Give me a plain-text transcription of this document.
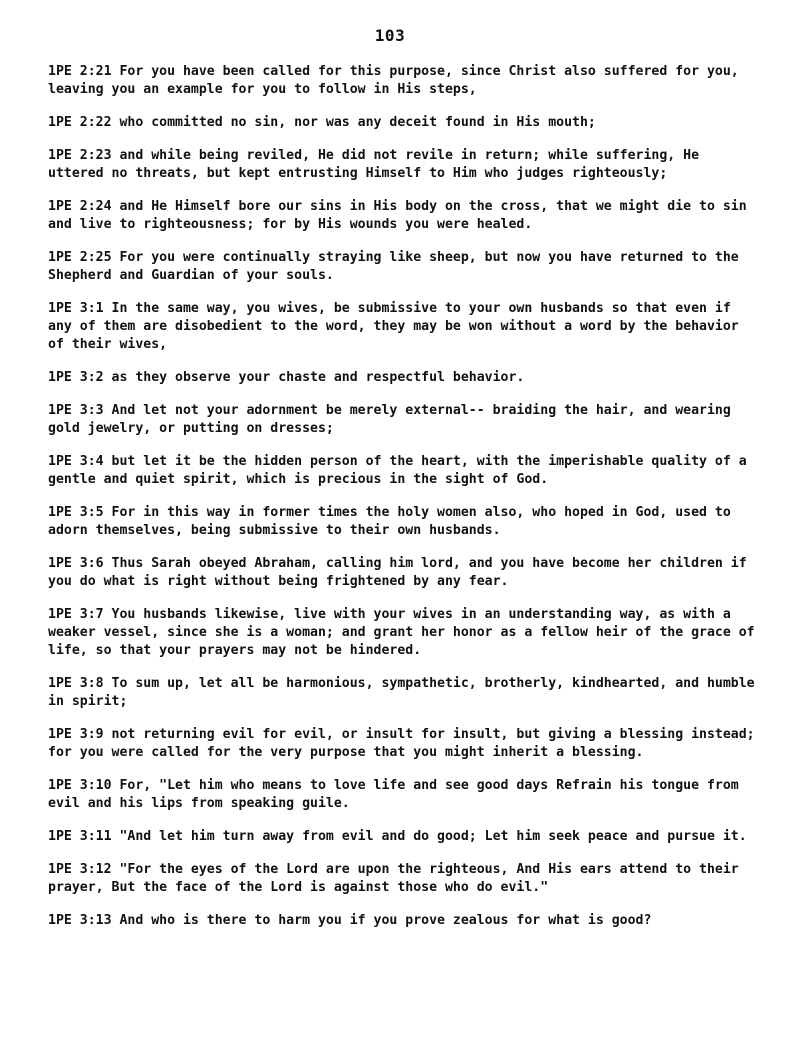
103

1PE 2:21 For you have been called for this purpose, since Christ also suffered for you, leaving you an example for you to follow in His steps,

1PE 2:22 who committed no sin, nor was any deceit found in His mouth;

1PE 2:23 and while being reviled, He did not revile in return; while suffering, He uttered no threats, but kept entrusting Himself to Him who judges righteously;

1PE 2:24 and He Himself bore our sins in His body on the cross, that we might die to sin and live to righteousness; for by His wounds you were healed.

1PE 2:25 For you were continually straying like sheep, but now you have returned to the Shepherd and Guardian of your souls.

1PE 3:1 In the same way, you wives, be submissive to your own husbands so that even if any of them are disobedient to the word, they may be won without a word by the behavior of their wives,

1PE 3:2 as they observe your chaste and respectful behavior.

1PE 3:3 And let not your adornment be merely external-- braiding the hair, and wearing gold jewelry, or putting on dresses;

1PE 3:4 but let it be the hidden person of the heart, with the imperishable quality of a gentle and quiet spirit, which is precious in the sight of God.

1PE 3:5 For in this way in former times the holy women also, who hoped in God, used to adorn themselves, being submissive to their own husbands.

1PE 3:6 Thus Sarah obeyed Abraham, calling him lord, and you have become her children if you do what is right without being frightened by any fear.

1PE 3:7 You husbands likewise, live with your wives in an understanding way, as with a weaker vessel, since she is a woman; and grant her honor as a fellow heir of the grace of life, so that your prayers may not be hindered.

1PE 3:8 To sum up, let all be harmonious, sympathetic, brotherly, kindhearted, and humble in spirit;

1PE 3:9 not returning evil for evil, or insult for insult, but giving a blessing instead; for you were called for the very purpose that you might inherit a blessing.

1PE 3:10 For, "Let him who means to love life and see good days Refrain his tongue from evil and his lips from speaking guile.

1PE 3:11 "And let him turn away from evil and do good; Let him seek peace and pursue it.

1PE 3:12 "For the eyes of the Lord are upon the righteous, And His ears attend to their prayer, But the face of the Lord is against those who do evil."

1PE 3:13 And who is there to harm you if you prove zealous for what is good?
